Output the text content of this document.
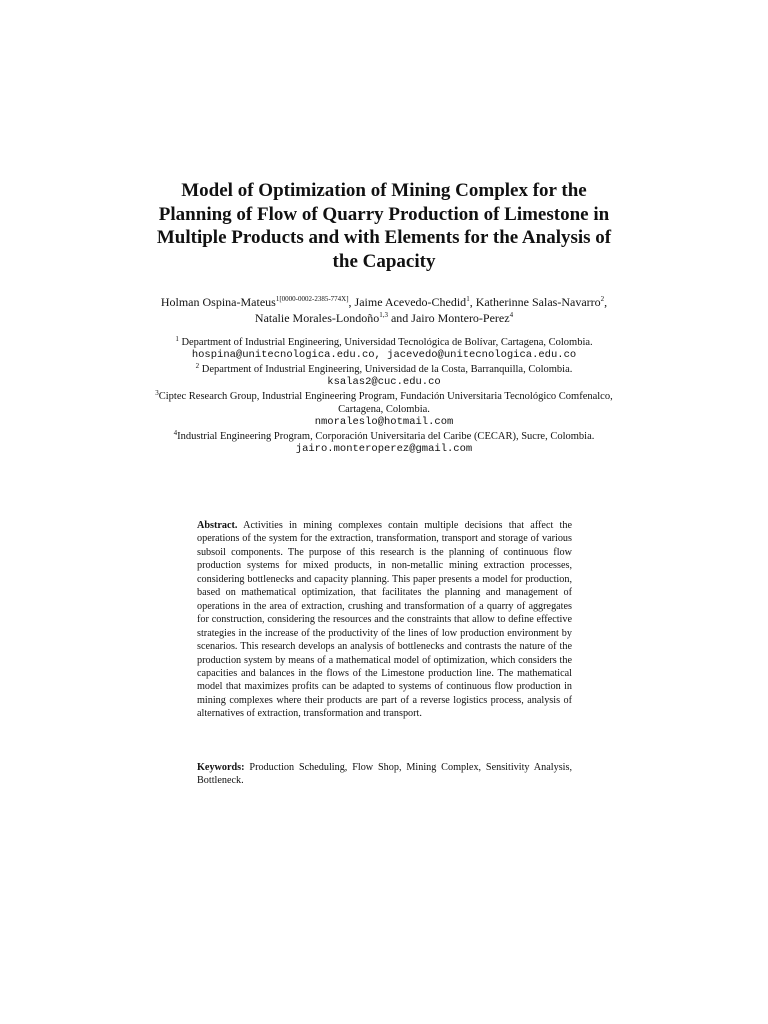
Model of Optimization of Mining Complex for the Planning of Flow of Quarry Production of Limestone in Multiple Products and with Elements for the Analysis of the Capacity
Holman Ospina-Mateus$^{1[0000-0002-2385-774X]}$, Jaime Acevedo-Chedid$^1$, Katherinne Salas-Navarro$^2$, Natalie Morales-Londoño$^{1,3}$ and Jairo Montero-Perez$^4$

$^1$ Department of Industrial Engineering, Universidad Tecnológica de Bolívar, Cartagena, Colombia.

hospina@unitecnologica.edu.co, jacevedo@unitecnologica.edu.co

$^2$ Department of Industrial Engineering, Universidad de la Costa, Barranquilla, Colombia.

ksalas2@cuc.edu.co

$^3$Ciptec Research Group, Industrial Engineering Program, Fundación Universitaria Tecnológico Comfenalco, Cartagena, Colombia.

nmoraleslo@hotmail.com

$^4$Industrial Engineering Program, Corporación Universitaria del Caribe (CECAR), Sucre, Colombia.

jairo.monteroperez@gmail.com

Abstract. Activities in mining complexes contain multiple decisions that affect the operations of the system for the extraction, transformation, transport and storage of various subsoil components. The purpose of this research is the planning of continuous flow production systems for mixed products, in non-metallic mining extraction processes, considering bottlenecks and capacity planning. This paper presents a model for production, based on mathematical optimization, that facilitates the planning and management of operations in the area of extraction, crushing and transformation of a quarry of aggregates for construction, considering the resources and the constraints that allow to define effective strategies in the increase of the productivity of the lines of low production environment by scenarios. This research develops an analysis of bottlenecks and contrasts the nature of the production system by means of a mathematical model of optimization, which considers the capacities and balances in the flows of the Limestone production line. The mathematical model that maximizes profits can be adapted to systems of continuous flow production in mining complexes where their products are part of a reverse logistics process, analysis of alternatives of extraction, transformation and transport.

Keywords: Production Scheduling, Flow Shop, Mining Complex, Sensitivity Analysis, Bottleneck.
